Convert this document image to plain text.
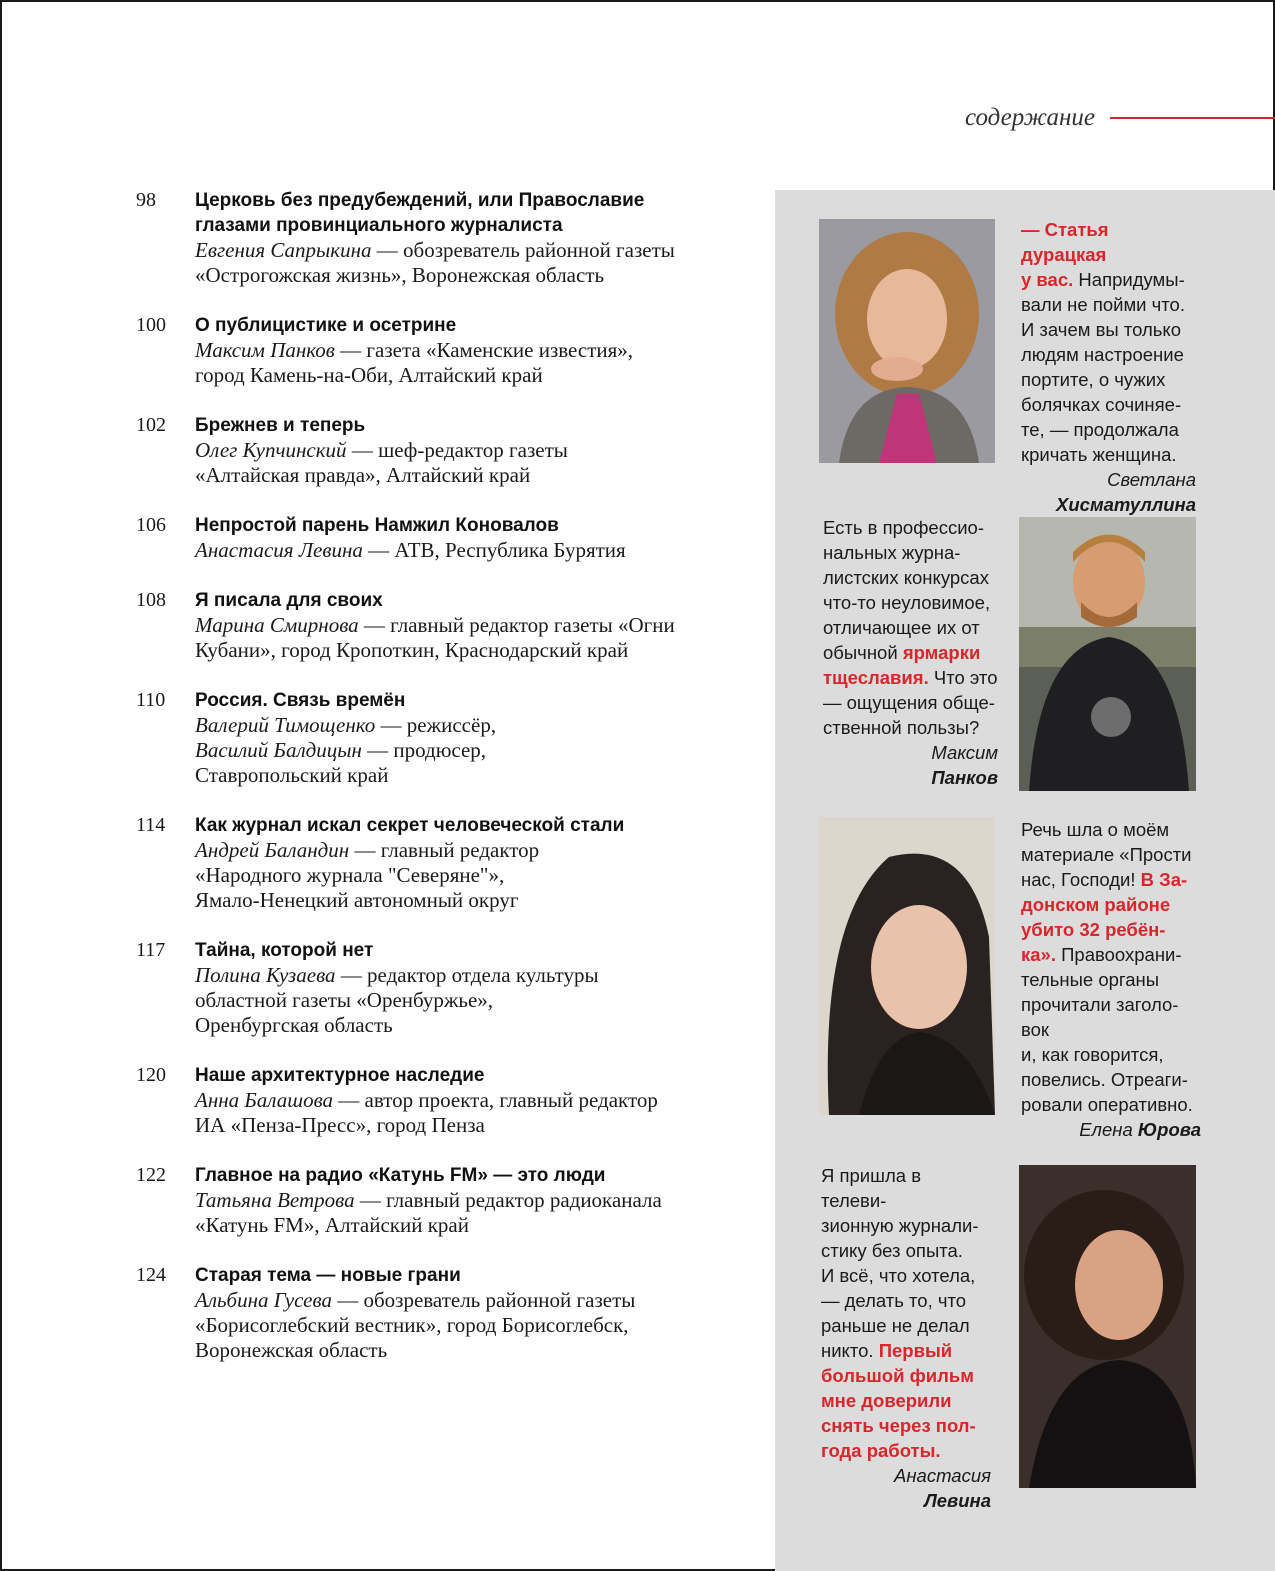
содержание
98 Церковь без предубеждений, или Православие
глазами провинциального журналиста
Евгения Сапрыкина — обозреватель районной газеты
«Острогожская жизнь», Воронежская область
100 О публицистике и осетрине
Максим Панков — газета «Каменские известия»,
город Камень-на-Оби, Алтайский край
102 Брежнев и теперь
Олег Купчинский — шеф-редактор газеты
«Алтайская правда», Алтайский край
106 Непростой парень Намжил Коновалов
Анастасия Левина — АТВ, Республика Бурятия
108 Я писала для своих
Марина Смирнова — главный редактор газеты «Огни
Кубани», город Кропоткин, Краснодарский край
110 Россия. Связь времён
Валерий Тимощенко — режиссёр,
Василий Балдицын — продюсер,
Ставропольский край
114 Как журнал искал секрет человеческой стали
Андрей Баландин — главный редактор
«Народного журнала "Северяне"»,
Ямало-Ненецкий автономный округ
117 Тайна, которой нет
Полина Кузаева — редактор отдела культуры
областной газеты «Оренбуржье»,
Оренбургская область
120 Наше архитектурное наследие
Анна Балашова — автор проекта, главный редактор
ИА «Пенза-Пресс», город Пенза
122 Главное на радио «Катунь FM» — это люди
Татьяна Ветрова — главный редактор радиоканала
«Катунь FM», Алтайский край
124 Старая тема — новые грани
Альбина Гусева — обозреватель районной газеты
«Борисоглебский вестник», город Борисоглебск,
Воронежская область
— Статья дурацкая
у вас. Напридумы-
вали не пойми что.
И зачем вы только
людям настроение
портите, о чужих
болячках сочиняе-
те, — продолжала
кричать женщина.
Светлана
Хисматуллина
Есть в профессио-
нальных журна-
листских конкурсах
что-то неуловимое,
отличающее их от
обычной ярмарки
тщеславия. Что это
— ощущения обще-
ственной пользы?
Максим
Панков
Речь шла о моём
материале «Прости
нас, Господи! В За-
донском районе
убито 32 ребён-
ка». Правоохрани-
тельные органы
прочитали заголо-
вок
и, как говорится,
повелись. Отреаги-
ровали оперативно.
Елена Юрова
Я пришла в телеви-
зионную журнали-
стику без опыта.
И всё, что хотела,
— делать то, что
раньше не делал
никто. Первый
большой фильм
мне доверили
снять через пол-
года работы.
Анастасия
Левина
